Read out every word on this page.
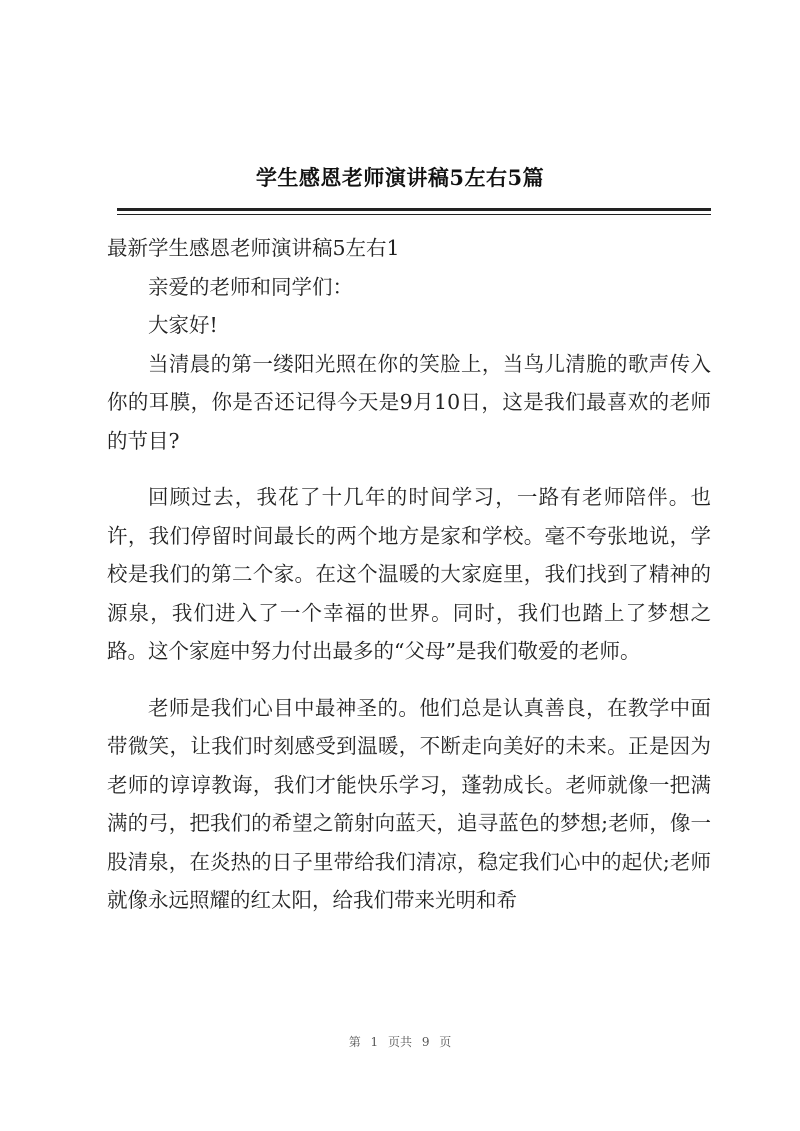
学生感恩老师演讲稿5左右5篇

最新学生感恩老师演讲稿5左右1

亲爱的老师和同学们：

大家好!

当清晨的第一缕阳光照在你的笑脸上，当鸟儿清脆的歌声传入你的耳膜，你是否还记得今天是9月10日，这是我们最喜欢的老师的节目?

回顾过去，我花了十几年的时间学习，一路有老师陪伴。也许，我们停留时间最长的两个地方是家和学校。毫不夸张地说，学校是我们的第二个家。在这个温暖的大家庭里，我们找到了精神的源泉，我们进入了一个幸福的世界。同时，我们也踏上了梦想之路。这个家庭中努力付出最多的“父母”是我们敬爱的老师。

老师是我们心目中最神圣的。他们总是认真善良，在教学中面带微笑，让我们时刻感受到温暖，不断走向美好的未来。正是因为老师的谆谆教诲，我们才能快乐学习，蓬勃成长。老师就像一把满满的弓，把我们的希望之箭射向蓝天，追寻蓝色的梦想;老师，像一股清泉，在炎热的日子里带给我们清凉，稳定我们心中的起伏;老师就像永远照耀的红太阳，给我们带来光明和希

第 1 页共 9 页
